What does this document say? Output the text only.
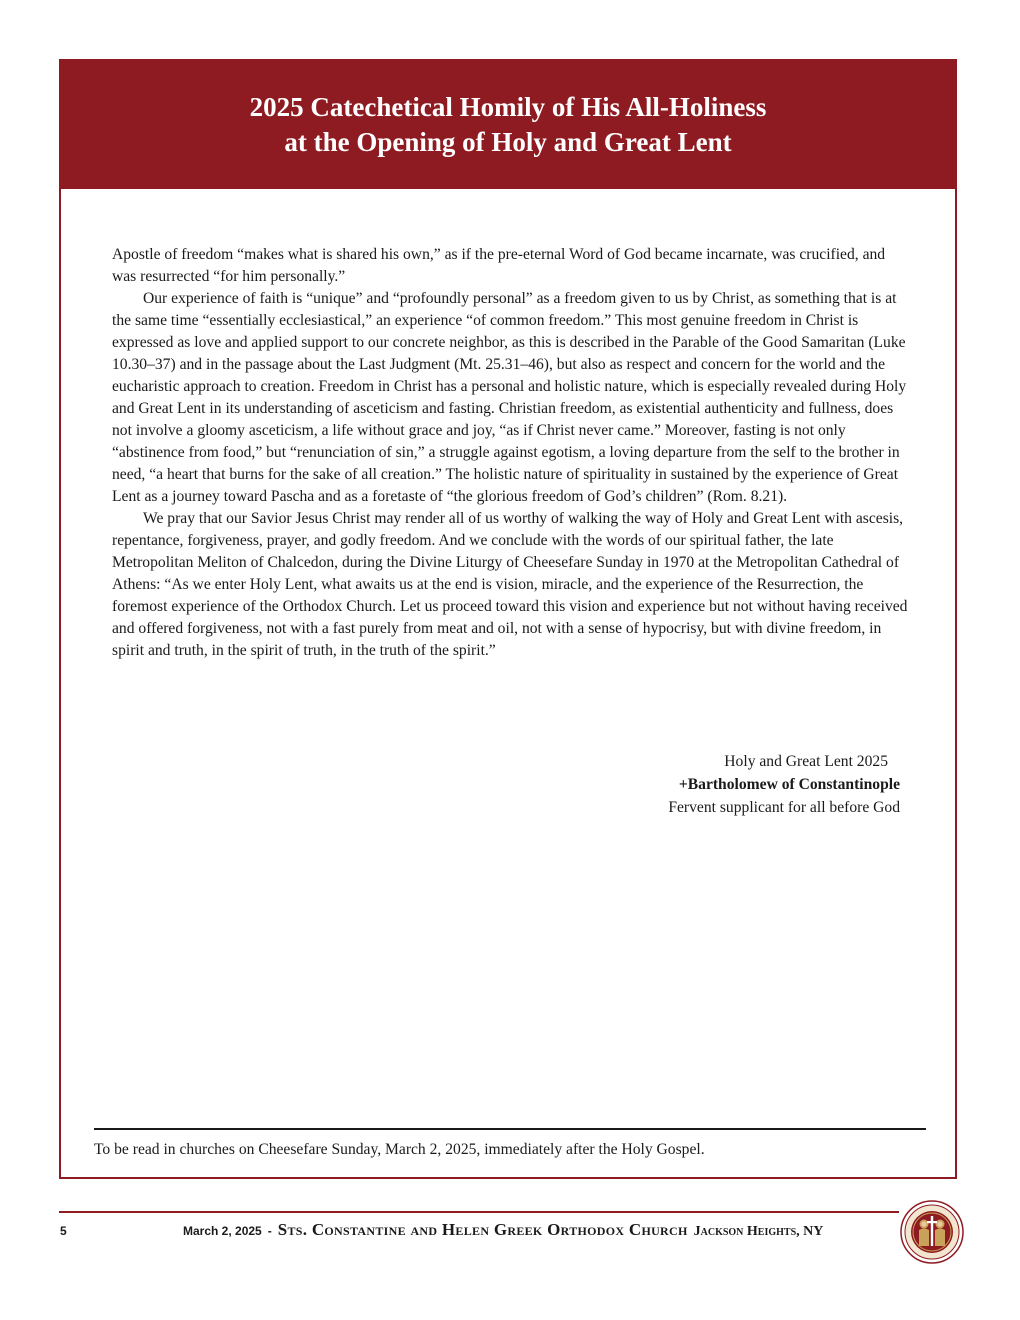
2025 Catechetical Homily of His All-Holiness
at the Opening of Holy and Great Lent

Apostle of freedom “makes what is shared his own,” as if the pre-eternal Word of God became incarnate, was crucified, and was resurrected “for him personally.”

Our experience of faith is “unique” and “profoundly personal” as a freedom given to us by Christ, as something that is at the same time “essentially ecclesiastical,” an experience “of common freedom.” This most genuine freedom in Christ is expressed as love and applied support to our concrete neighbor, as this is described in the Parable of the Good Samaritan (Luke 10.30–37) and in the passage about the Last Judgment (Mt. 25.31–46), but also as respect and concern for the world and the eucharistic approach to creation. Freedom in Christ has a personal and holistic nature, which is especially revealed during Holy and Great Lent in its understanding of asceticism and fasting. Christian freedom, as existential authenticity and fullness, does not involve a gloomy asceticism, a life without grace and joy, “as if Christ never came.” Moreover, fasting is not only “abstinence from food,” but “renunciation of sin,” a struggle against egotism, a loving departure from the self to the brother in need, “a heart that burns for the sake of all creation.” The holistic nature of spirituality in sustained by the experience of Great Lent as a journey toward Pascha and as a foretaste of “the glorious freedom of God’s children” (Rom. 8.21).

We pray that our Savior Jesus Christ may render all of us worthy of walking the way of Holy and Great Lent with ascesis, repentance, forgiveness, prayer, and godly freedom. And we conclude with the words of our spiritual father, the late Metropolitan Meliton of Chalcedon, during the Divine Liturgy of Cheesefare Sunday in 1970 at the Metropolitan Cathedral of Athens: “As we enter Holy Lent, what awaits us at the end is vision, miracle, and the experience of the Resurrection, the foremost experience of the Orthodox Church. Let us proceed toward this vision and experience but not without having received and offered forgiveness, not with a fast purely from meat and oil, not with a sense of hypocrisy, but with divine freedom, in spirit and truth, in the spirit of truth, in the truth of the spirit.”

Holy and Great Lent 2025
+Bartholomew of Constantinople
Fervent supplicant for all before God
To be read in churches on Cheesefare Sunday, March 2, 2025, immediately after the Holy Gospel.
5	March 2, 2025 - Sts. Constantine and Helen Greek Orthodox Church Jackson Heights, NY
